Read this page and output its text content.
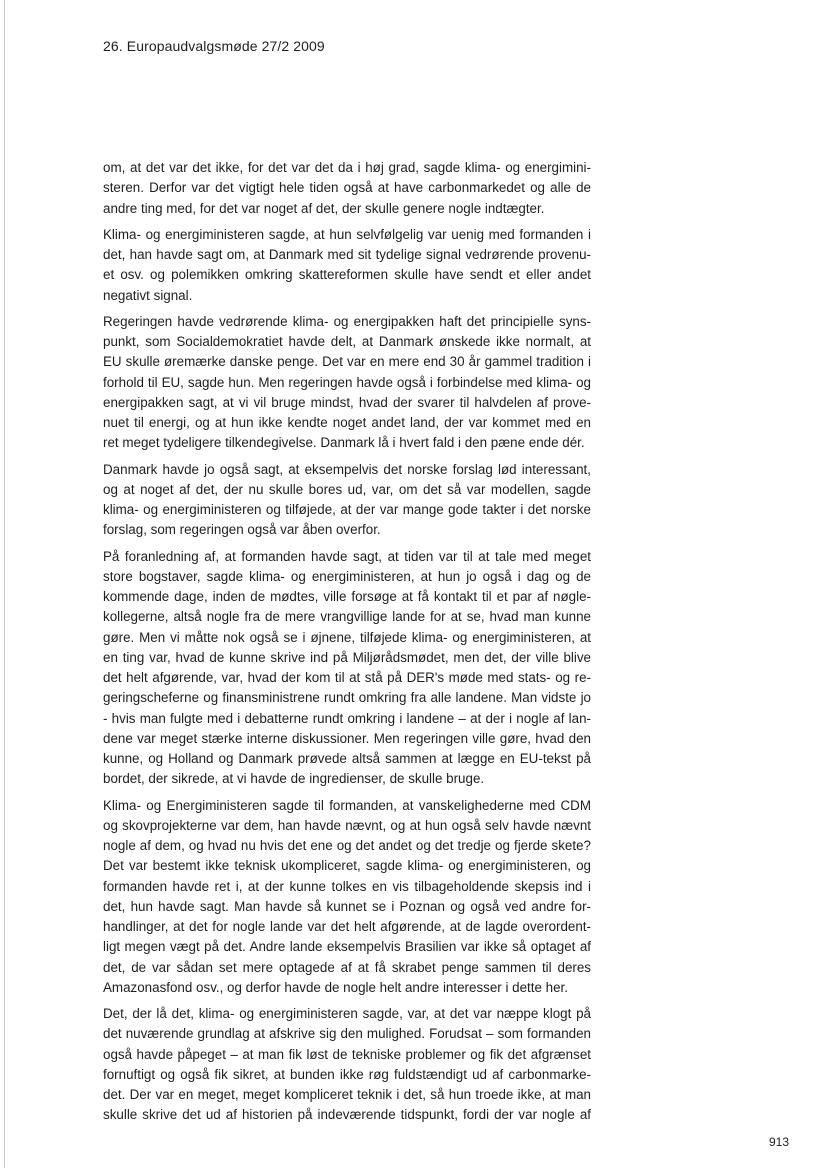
26. Europaudvalgsmøde 27/2 2009
om, at det var det ikke, for det var det da i høj grad, sagde klima- og energimini-
steren. Derfor var det vigtigt hele tiden også at have carbonmarkedet og alle de
andre ting med, for det var noget af det, der skulle genere nogle indtægter.
Klima- og energiministeren sagde, at hun selvfølgelig var uenig med formanden i
det, han havde sagt om, at Danmark med sit tydelige signal vedrørende provenu-
et osv. og polemikken omkring skattereformen skulle have sendt et eller andet
negativt signal.
Regeringen havde vedrørende klima- og energipakken haft det principielle syns-
punkt, som Socialdemokratiet havde delt, at Danmark ønskede ikke normalt, at
EU skulle øremærke danske penge. Det var en mere end 30 år gammel tradition i
forhold til EU, sagde hun. Men regeringen havde også i forbindelse med klima- og
energipakken sagt, at vi vil bruge mindst, hvad der svarer til halvdelen af prove-
nuet til energi, og at hun ikke kendte noget andet land, der var kommet med en
ret meget tydeligere tilkendegivelse. Danmark lå i hvert fald i den pæne ende dér.
Danmark havde jo også sagt, at eksempelvis det norske forslag lød interessant,
og at noget af det, der nu skulle bores ud, var, om det så var modellen, sagde
klima- og energiministeren og tilføjede, at der var mange gode takter i det norske
forslag, som regeringen også var åben overfor.
På foranledning af, at formanden havde sagt, at tiden var til at tale med meget
store bogstaver, sagde klima- og energiministeren, at hun jo også i dag og de
kommende dage, inden de mødtes, ville forsøge at få kontakt til et par af nøgle-
kollegerne, altså nogle fra de mere vrangvillige lande for at se, hvad man kunne
gøre. Men vi måtte nok også se i øjnene, tilføjede klima- og energiministeren, at
en ting var, hvad de kunne skrive ind på Miljørådsmødet, men det, der ville blive
det helt afgørende, var, hvad der kom til at stå på DER's møde med stats- og re-
geringscheferne og finansministrene rundt omkring fra alle landene. Man vidste jo
- hvis man fulgte med i debatterne rundt omkring i landene – at der i nogle af lan-
dene var meget stærke interne diskussioner. Men regeringen ville gøre, hvad den
kunne, og Holland og Danmark prøvede altså sammen at lægge en EU-tekst på
bordet, der sikrede, at vi havde de ingredienser, de skulle bruge.
Klima- og Energiministeren sagde til formanden, at vanskelighederne med CDM
og skovprojekterne var dem, han havde nævnt, og at hun også selv havde nævnt
nogle af dem, og hvad nu hvis det ene og det andet og det tredje og fjerde skete?
Det var bestemt ikke teknisk ukompliceret, sagde klima- og energiministeren, og
formanden havde ret i, at der kunne tolkes en vis tilbageholdende skepsis ind i
det, hun havde sagt. Man havde så kunnet se i Poznan og også ved andre for-
handlinger, at det for nogle lande var det helt afgørende, at de lagde overordent-
ligt megen vægt på det. Andre lande eksempelvis Brasilien var ikke så optaget af
det, de var sådan set mere optagede af at få skrabet penge sammen til deres
Amazonasfond osv., og derfor havde de nogle helt andre interesser i dette her.
Det, der lå det, klima- og energiministeren sagde, var, at det var næppe klogt på
det nuværende grundlag at afskrive sig den mulighed. Forudsat – som formanden
også havde påpeget – at man fik løst de tekniske problemer og fik det afgrænset
fornuftigt og også fik sikret, at bunden ikke røg fuldstændigt ud af carbonmarke-
det. Der var en meget, meget kompliceret teknik i det, så hun troede ikke, at man
skulle skrive det ud af historien på indeværende tidspunkt, fordi der var nogle af
913
